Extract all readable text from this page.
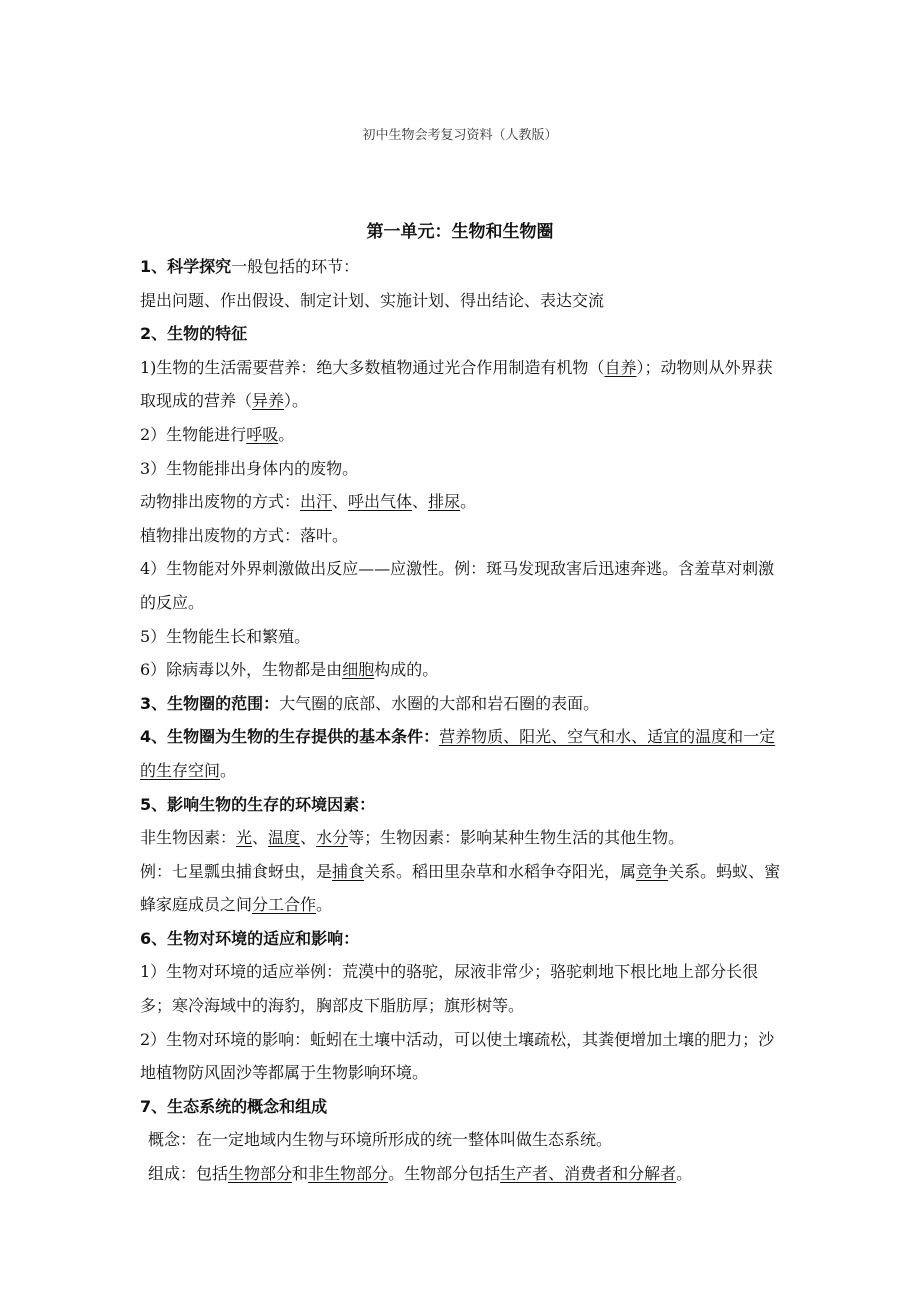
初中生物会考复习资料（人教版）
第一单元：生物和生物圈

1、科学探究一般包括的环节：

提出问题、作出假设、制定计划、实施计划、得出结论、表达交流

2、生物的特征

1)生物的生活需要营养：绝大多数植物通过光合作用制造有机物（自养）；动物则从外界获取现成的营养（异养）。

2）生物能进行呼吸。

3）生物能排出身体内的废物。

动物排出废物的方式：出汗、呼出气体、排尿。

植物排出废物的方式：落叶。

4）生物能对外界刺激做出反应——应激性。例：斑马发现敌害后迅速奔逃。含羞草对刺激的反应。

5）生物能生长和繁殖。

6）除病毒以外，生物都是由细胞构成的。

3、生物圈的范围：大气圈的底部、水圈的大部和岩石圈的表面。

4、生物圈为生物的生存提供的基本条件：营养物质、阳光、空气和水、适宜的温度和一定的生存空间。

5、影响生物的生存的环境因素：

非生物因素：光、温度、水分等；生物因素：影响某种生物生活的其他生物。

例：七星瓢虫捕食蚜虫，是捕食关系。稻田里杂草和水稻争夺阳光，属竞争关系。蚂蚁、蜜蜂家庭成员之间分工合作。

6、生物对环境的适应和影响：

1）生物对环境的适应举例：荒漠中的骆驼，尿液非常少；骆驼刺地下根比地上部分长很多；寒冷海域中的海豹，胸部皮下脂肪厚；旗形树等。

2）生物对环境的影响：蚯蚓在土壤中活动，可以使土壤疏松，其粪便增加土壤的肥力；沙地植物防风固沙等都属于生物影响环境。

7、生态系统的概念和组成

概念：在一定地域内生物与环境所形成的统一整体叫做生态系统。

组成：包括生物部分和非生物部分。生物部分包括生产者、消费者和分解者。
